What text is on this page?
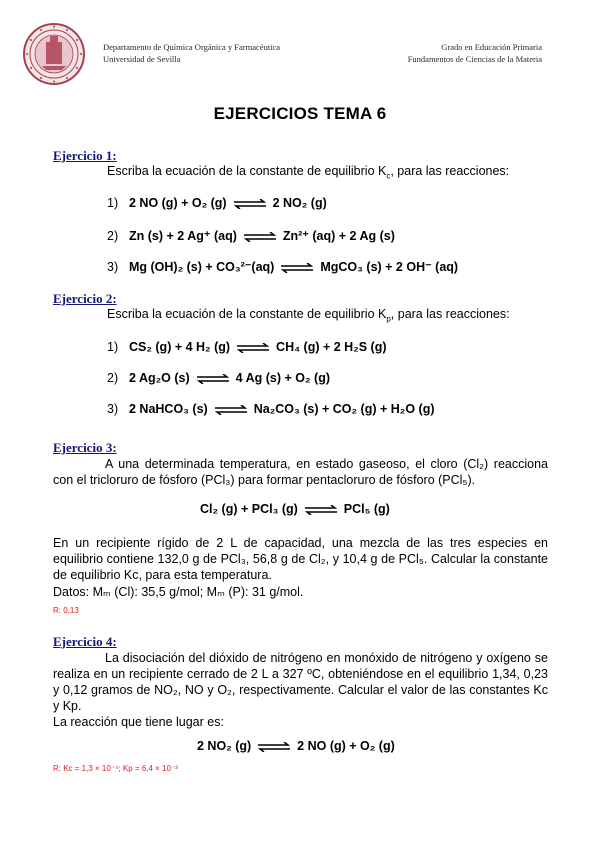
Departamento de Química Orgánica y Farmacéutica
Universidad de Sevilla
Grado en Educación Primaria
Fundamentos de Ciencias de la Materia
EJERCICIOS TEMA 6
Ejercicio 1:
Escriba la ecuación de la constante de equilibrio $K_c$, para las reacciones:
1) 2 NO (g) + O₂ (g) ⇌ 2 NO₂ (g)
2) Zn (s) + 2 Ag⁺ (aq) ⇌ Zn²⁺ (aq) + 2 Ag (s)
3) Mg (OH)₂ (s) + CO₃²⁻(aq) ⇌ MgCO₃ (s) + 2 OH⁻ (aq)
Ejercicio 2:
Escriba la ecuación de la constante de equilibrio $K_p$, para las reacciones:
1) CS₂ (g) + 4 H₂ (g) ⇌ CH₄ (g) + 2 H₂S (g)
2) 2 Ag₂O (s) ⇌ 4 Ag (s) + O₂ (g)
3) 2 NaHCO₃ (s) ⇌ Na₂CO₃ (s) + CO₂ (g) + H₂O (g)
Ejercicio 3:
A una determinada temperatura, en estado gaseoso, el cloro (Cl₂) reacciona con el tricloruro de fósforo (PCl₃) para formar pentacloruro de fósforo (PCl₅).
Cl₂ (g) + PCl₃ (g) ⇌ PCl₅ (g)
En un recipiente rígido de 2 L de capacidad, una mezcla de las tres especies en equilibrio contiene 132,0 g de PCl₃, 56,8 g de Cl₂, y 10,4 g de PCl₅. Calcular la constante de equilibrio Kc, para esta temperatura.
Datos: Mₘ (Cl): 35,5 g/mol; Mₘ (P): 31 g/mol.
R: 0,13
Ejercicio 4:
La disociación del dióxido de nitrógeno en monóxido de nitrógeno y oxígeno se realiza en un recipiente cerrado de 2 L a 327 ºC, obteniéndose en el equilibrio 1,34, 0,23 y 0,12 gramos de NO₂, NO y O₂, respectivamente. Calcular el valor de las constantes Kc y Kp.
La reacción que tiene lugar es:
2 NO₂ (g) ⇌ 2 NO (g) + O₂ (g)
R: Kc = 1,3 × 10⁻⁴; Kp = 6,4 × 10⁻³
